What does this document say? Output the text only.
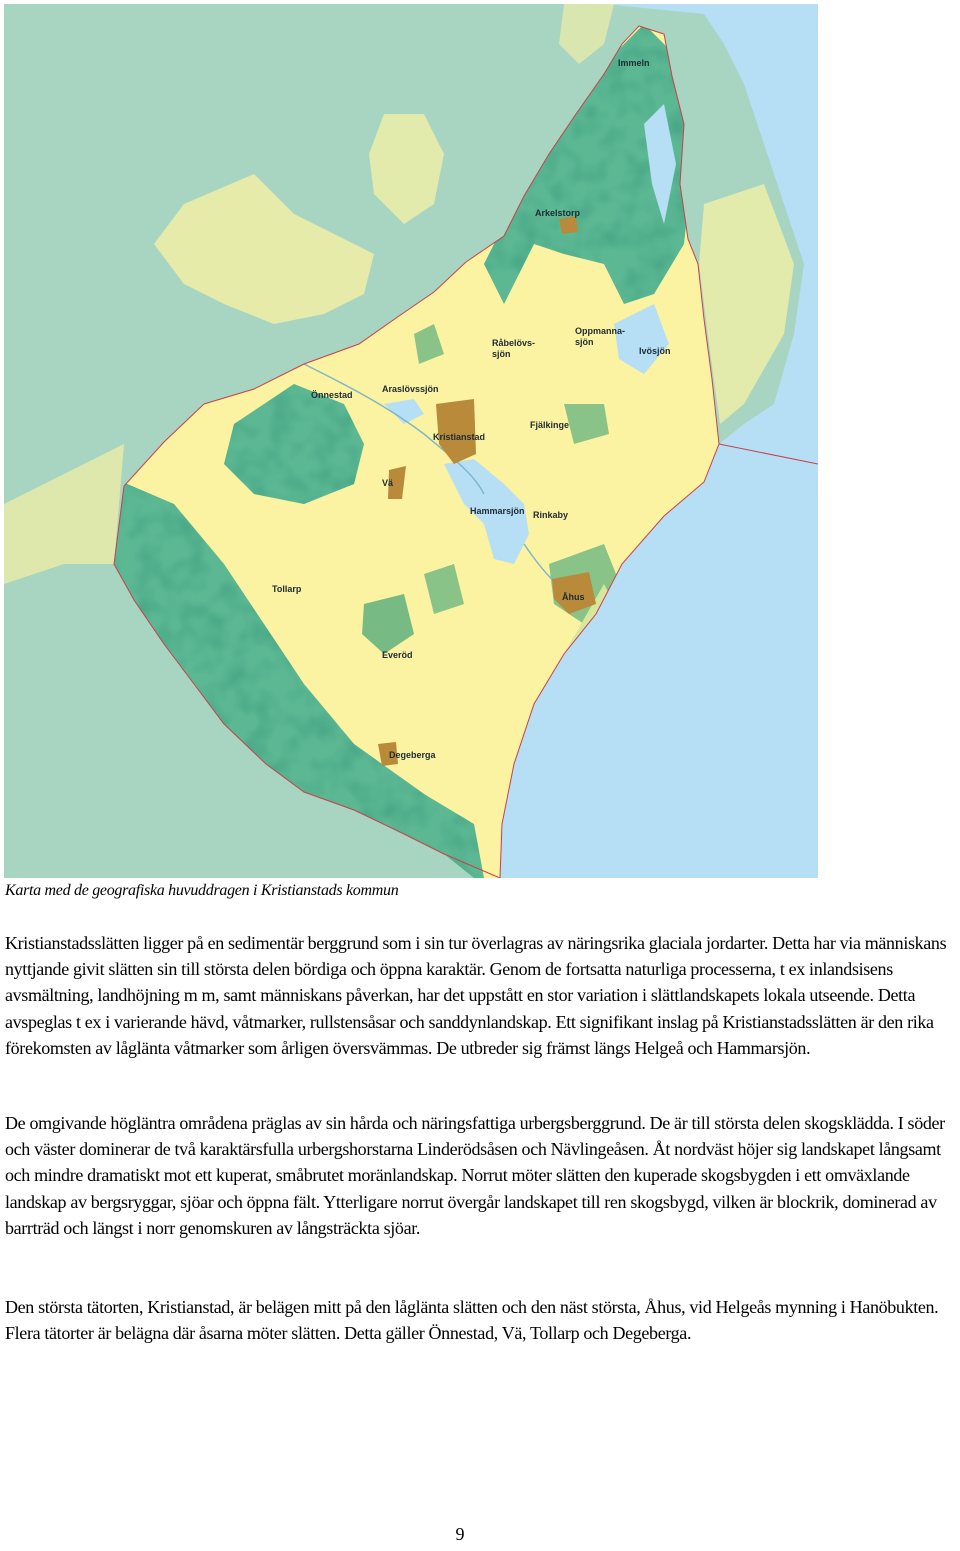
Immeln
Arkelstorp
Råbelövs-sjön
Oppmanna-sjön
Ivösjön
Önnestad
Araslövssjön
Kristianstad
Fjälkinge
Vä
Hammarsjön Rinkaby
Tollarp
Åhus
Everöd
Degeberga
Karta med de geografiska huvuddragen i Kristianstads kommun

Kristianstadsslätten ligger på en sedimentär berggrund som i sin tur överlagras av näringsrika glaciala jordarter. Detta har via människans nyttjande givit slätten sin till största delen bördiga och öppna karaktär. Genom de fortsatta naturliga processerna, t ex inlandsisens avsmältning, landhöjning m m, samt människans påverkan, har det uppstått en stor variation i slättlandskapets lokala utseende. Detta avspeglas t ex i varierande hävd, våtmarker, rullstensåsar och sanddynlandskap. Ett signifikant inslag på Kristianstadsslätten är den rika förekomsten av låglänta våtmarker som årligen översvämmas. De utbreder sig främst längs Helgeå och Hammarsjön.

De omgivande högläntra områdena präglas av sin hårda och näringsfattiga urbergsberggrund. De är till största delen skogsklädda. I söder och väster dominerar de två karaktärsfulla urbergshorstarna Linderödsåsen och Nävlingeåsen. Åt nordväst höjer sig landskapet långsamt och mindre dramatiskt mot ett kuperat, småbrutet moränlandskap. Norrut möter slätten den kuperade skogsbygden i ett omväxlande landskap av bergsryggar, sjöar och öppna fält. Ytterligare norrut övergår landskapet till ren skogsbygd, vilken är blockrik, dominerad av barrträd och längst i norr genomskuren av långsträckta sjöar.

Den största tätorten, Kristianstad, är belägen mitt på den låglänta slätten och den näst största, Åhus, vid Helgeås mynning i Hanöbukten. Flera tätorter är belägna där åsarna möter slätten. Detta gäller Önnestad, Vä, Tollarp och Degeberga.

9
